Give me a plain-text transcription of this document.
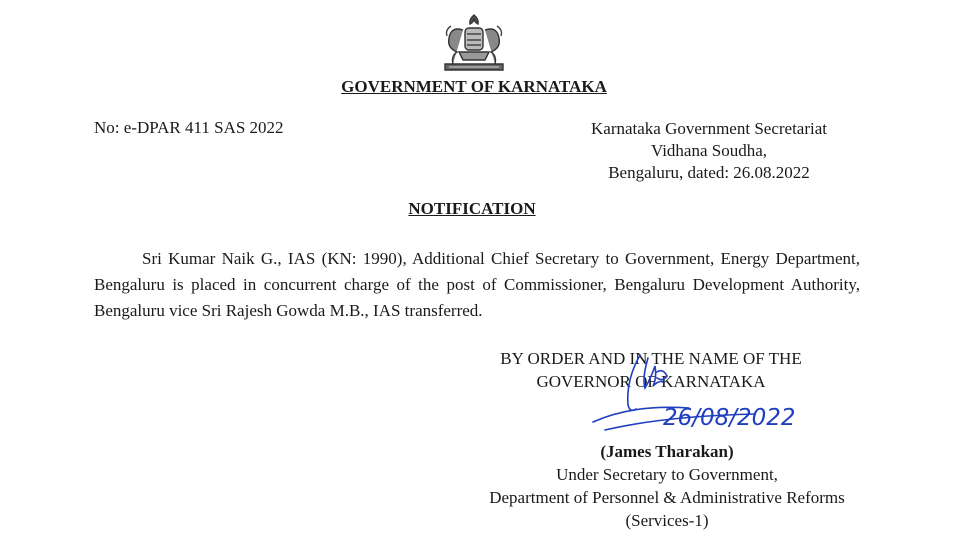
GOVERNMENT OF KARNATAKA
No: e-DPAR 411 SAS 2022	Karnataka Government Secretariat
Vidhana Soudha,
Bengaluru, dated: 26.08.2022
NOTIFICATION
Sri Kumar Naik G., IAS (KN: 1990), Additional Chief Secretary to Government, Energy Department, Bengaluru is placed in concurrent charge of the post of Commissioner, Bengaluru Development Authority, Bengaluru vice Sri Rajesh Gowda M.B., IAS transferred.
BY ORDER AND IN THE NAME OF THE
GOVERNOR OF KARNATAKA
26/08/2022
(James Tharakan)
Under Secretary to Government,
Department of Personnel & Administrative Reforms
(Services-1)
